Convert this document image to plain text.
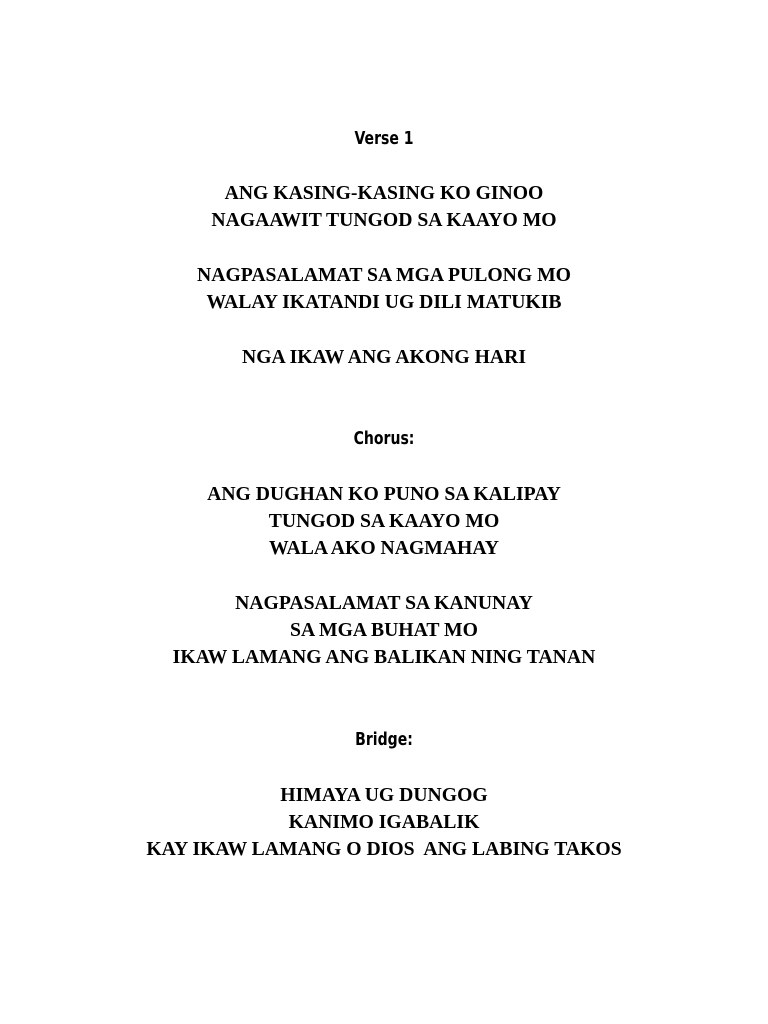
Verse 1
ANG KASING-KASING KO GINOO
NAGAAWIT TUNGOD SA KAAYO MO
NAGPASALAMAT SA MGA PULONG MO
WALAY IKATANDI UG DILI MATUKIB
NGA IKAW ANG AKONG HARI
Chorus:
ANG DUGHAN KO PUNO SA KALIPAY
TUNGOD SA KAAYO MO
WALA AKO NAGMAHAY
NAGPASALAMAT SA KANUNAY
SA MGA BUHAT MO
IKAW LAMANG ANG BALIKAN NING TANAN
Bridge:
HIMAYA UG DUNGOG
KANIMO IGABALIK
KAY IKAW LAMANG O DIOS  ANG LABING TAKOS
